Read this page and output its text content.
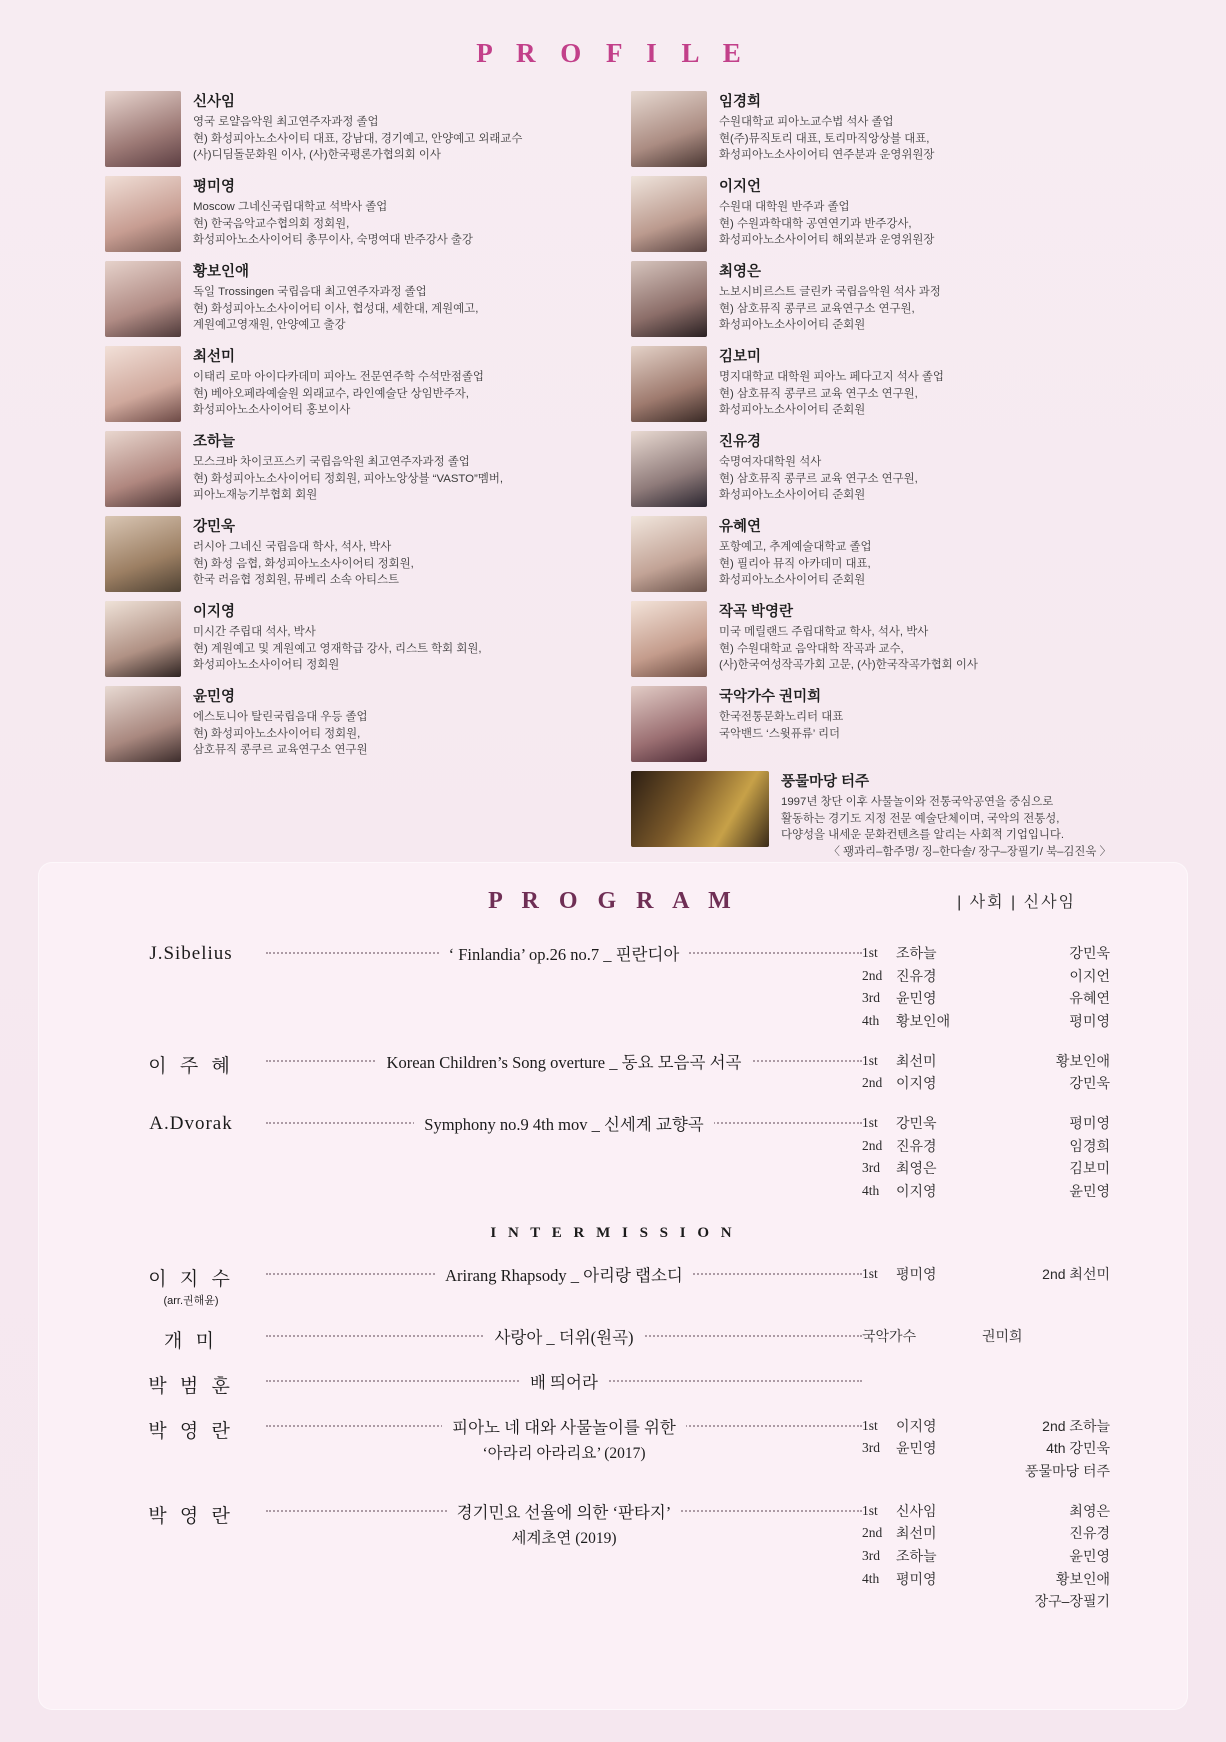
P R O F I L E
신사임
영국 로얄음악원 최고연주자과정 졸업
현) 화성피아노소사이티 대표, 강남대, 경기예고, 안양예고 외래교수
(사)디딤돌문화원 이사, (사)한국평론가협의회 이사
평미영
Moscow 그네신국립대학교 석박사 졸업
현) 한국음악교수협의회 정회원,
화성피아노소사이어티 총무이사, 숙명여대 반주강사 출강
황보인애
독일 Trossingen 국립음대 최고연주자과정 졸업
현) 화성피아노소사이어티 이사, 협성대, 세한대, 계원예고,
계원예고영재원, 안양예고 출강
최선미
이태리 로마 아이다카데미 피아노 전문연주학 수석만점졸업
현) 베아오페라예술원 외래교수, 라인예술단 상임반주자,
화성피아노소사이어티 홍보이사
조하늘
모스크바 차이코프스키 국립음악원 최고연주자과정 졸업
현) 화성피아노소사이어티 정회원, 피아노앙상블 “VASTO”멤버,
피아노재능기부협회 회원
강민욱
러시아 그네신 국립음대 학사, 석사, 박사
현) 화성 음협, 화성피아노소사이어티 정회원,
한국 러음협 정회원, 뮤베리 소속 아티스트
이지영
미시간 주립대 석사, 박사
현) 계원예고 및 계원예고 영재학급 강사, 리스트 학회 회원,
화성피아노소사이어티 정회원
윤민영
에스토니아 탈린국립음대 우등 졸업
현) 화성피아노소사이어티 정회원,
삼호뮤직 콩쿠르 교육연구소 연구원
임경희
수원대학교 피아노교수법 석사 졸업
현(주)뮤직토리 대표, 토리마직앙상블 대표,
화성피아노소사이어티 연주분과 운영위원장
이지언
수원대 대학원 반주과 졸업
현) 수원과학대학 공연연기과 반주강사,
화성피아노소사이어티 해외분과 운영위원장
최영은
노보시비르스트 글린카 국립음악원 석사 과정
현) 삼호뮤직 콩쿠르 교육연구소 연구원,
화성피아노소사이어티 준회원
김보미
명지대학교 대학원 피아노 페다고지 석사 졸업
현) 삼호뮤직 콩쿠르 교육 연구소 연구원,
화성피아노소사이어티 준회원
진유경
숙명여자대학원 석사
현) 삼호뮤직 콩쿠르 교육 연구소 연구원,
화성피아노소사이어티 준회원
유혜연
포항예고, 추계예술대학교 졸업
현) 필리아 뮤직 아카데미 대표,
화성피아노소사이어티 준회원
작곡 박영란
미국 메릴랜드 주립대학교 학사, 석사, 박사
현) 수원대학교 음악대학 작곡과 교수,
(사)한국여성작곡가회 고문, (사)한국작곡가협회 이사
국악가수 권미희
한국전통문화노리터 대표
국악밴드 ‘스윗퓨류’ 리더
풍물마당 터주
1997년 창단 이후 사물놀이와 전통국악공연을 중심으로
활동하는 경기도 지정 전문 예술단체이며, 국악의 전통성,
다양성을 내세운 문화컨텐츠를 알리는 사회적 기업입니다.
〈 꽹과리–함주명/ 징–한다솔/ 장구–장필기/ 북–김진욱 〉
P R O G R A M	| 사회 | 신사임
J.Sibelius	‘ Finlandia’ op.26 no.7 _ 핀란디아	1st	조하늘	강민욱
2nd 진유경	이지언
3rd	윤민영	유혜연
4th	황보인애	평미영
이 주 혜	Korean Children’s Song overture _ 동요 모음곡 서곡	1st	최선미	황보인애
2nd 이지영	강민욱
A.Dvorak	Symphony no.9 4th mov _ 신세계 교향곡	1st	강민욱	평미영
2nd 진유경	임경희
3rd	최영은	김보미
4th	이지영	윤민영
I N T E R M I S S I O N
이 지 수
(arr.권해윤)
Arirang Rhapsody _ 아리랑 랩소디	1st	평미영	2nd 최선미
개 미	사랑아 _ 더위(원곡)	국악가수	권미희
박 범 훈	배 띄어라
박 영 란	피아노 네 대와 사물놀이를 위한
‘아라리 아라리요’ (2017)
1st	이지영	2nd 조하늘
3rd	윤민영	4th 강민욱
풍물마당 터주
박 영 란	경기민요 선율에 의한 ‘판타지’
세계초연 (2019)
1st	신사임	최영은
2nd 최선미	진유경
3rd	조하늘	윤민영
4th	평미영	황보인애
장구–장필기
